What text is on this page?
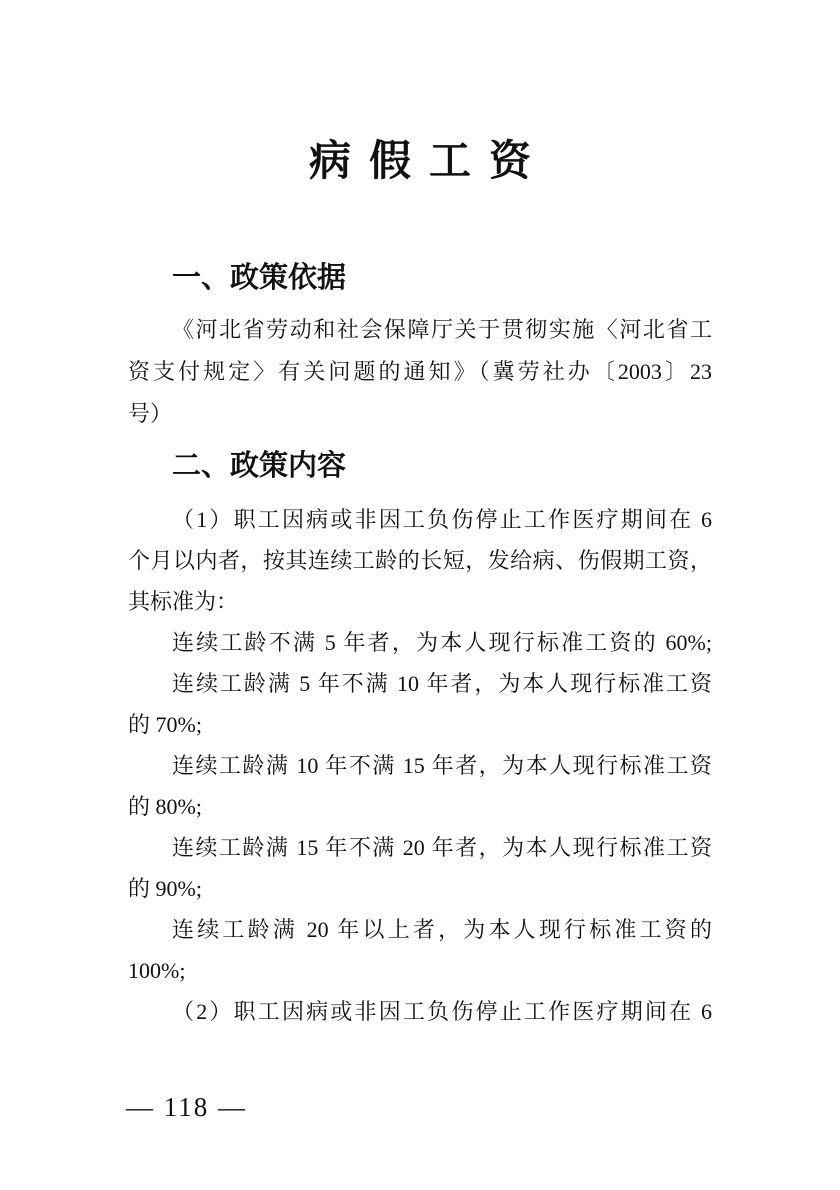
病假工资
一、政策依据
《河北省劳动和社会保障厅关于贯彻实施〈河北省工
资支付规定〉有关问题的通知》（冀劳社办〔2003〕23
号）
二、政策内容
（1）职工因病或非因工负伤停止工作医疗期间在 6
个月以内者，按其连续工龄的长短，发给病、伤假期工资，
其标准为：
连续工龄不满 5 年者，为本人现行标准工资的 60%;
连续工龄满 5 年不满 10 年者，为本人现行标准工资
的 70%;
连续工龄满 10 年不满 15 年者，为本人现行标准工资
的 80%;
连续工龄满 15 年不满 20 年者，为本人现行标准工资
的 90%;
连续工龄满 20 年以上者，为本人现行标准工资的
100%;
（2）职工因病或非因工负伤停止工作医疗期间在 6
— 118 —
